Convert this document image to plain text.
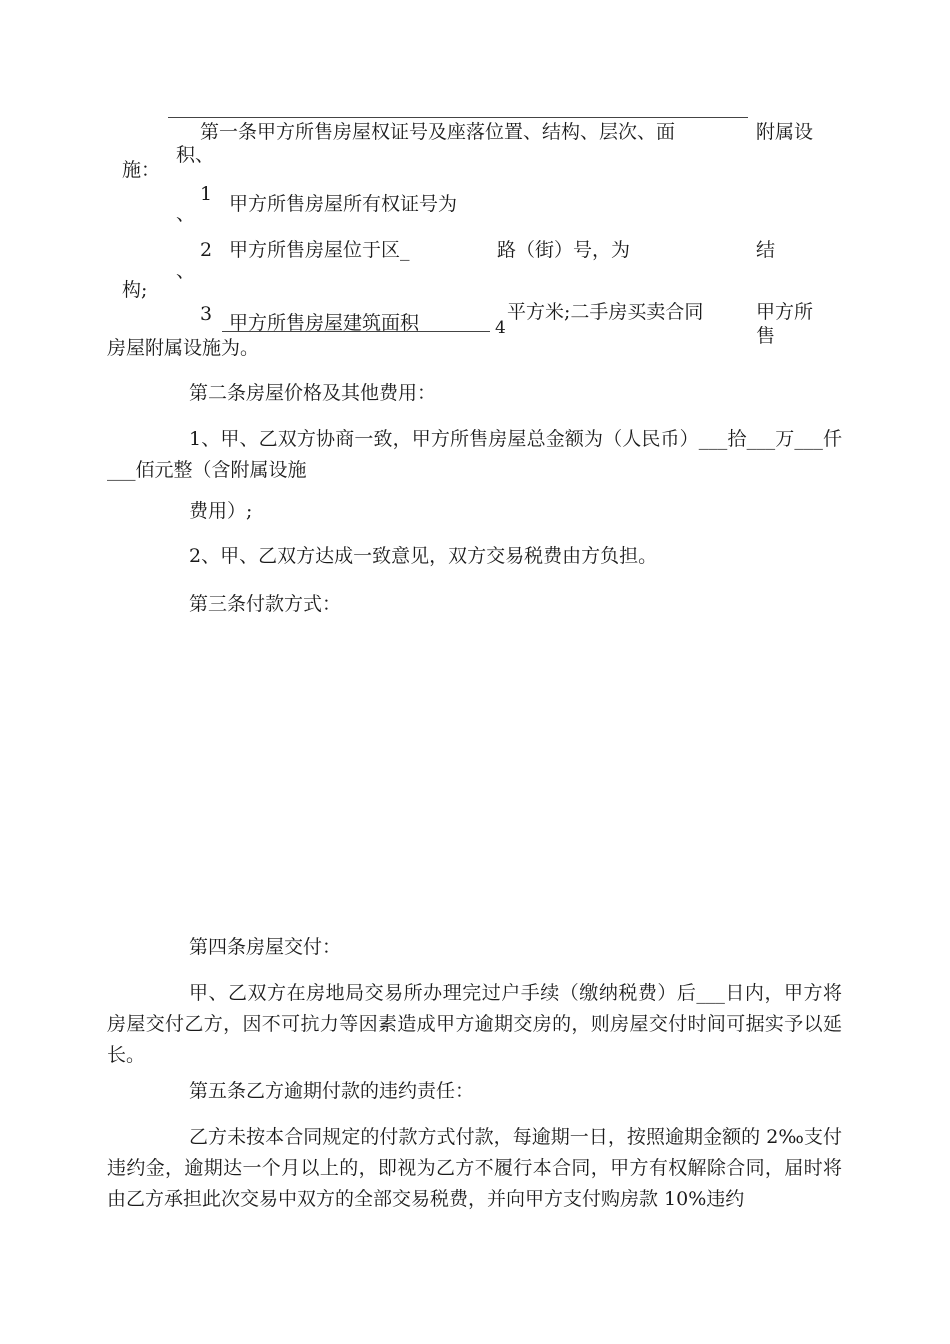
第一条甲方所售房屋权证号及座落位置、结构、层次、面
积、
附属设
施：
1
、 甲方所售房屋所有权证号为
2
、
甲方所售房屋位于区_	路（街）号，为	结
构;
3 甲方所售房屋建筑面积	4
平方米;二手房买卖合同	甲方所
售
房屋附属设施为。
第二条房屋价格及其他费用：
1、甲、乙双方协商一致，甲方所售房屋总金额为（人民币）___拾___万___仟___佰元整（含附属设施
费用）;
2、甲、乙双方达成一致意见，双方交易税费由方负担。
第三条付款方式：
第四条房屋交付：
甲、乙双方在房地局交易所办理完过户手续（缴纳税费）后___日内，甲方将房屋交付乙方，因不可抗力等因素造成甲方逾期交房的，则房屋交付时间可据实予以延长。
第五条乙方逾期付款的违约责任：
乙方未按本合同规定的付款方式付款，每逾期一日，按照逾期金额的 2‰支付违约金，逾期达一个月以上的，即视为乙方不履行本合同，甲方有权解除合同，届时将由乙方承担此次交易中双方的全部交易税费，并向甲方支付购房款 10%违约
